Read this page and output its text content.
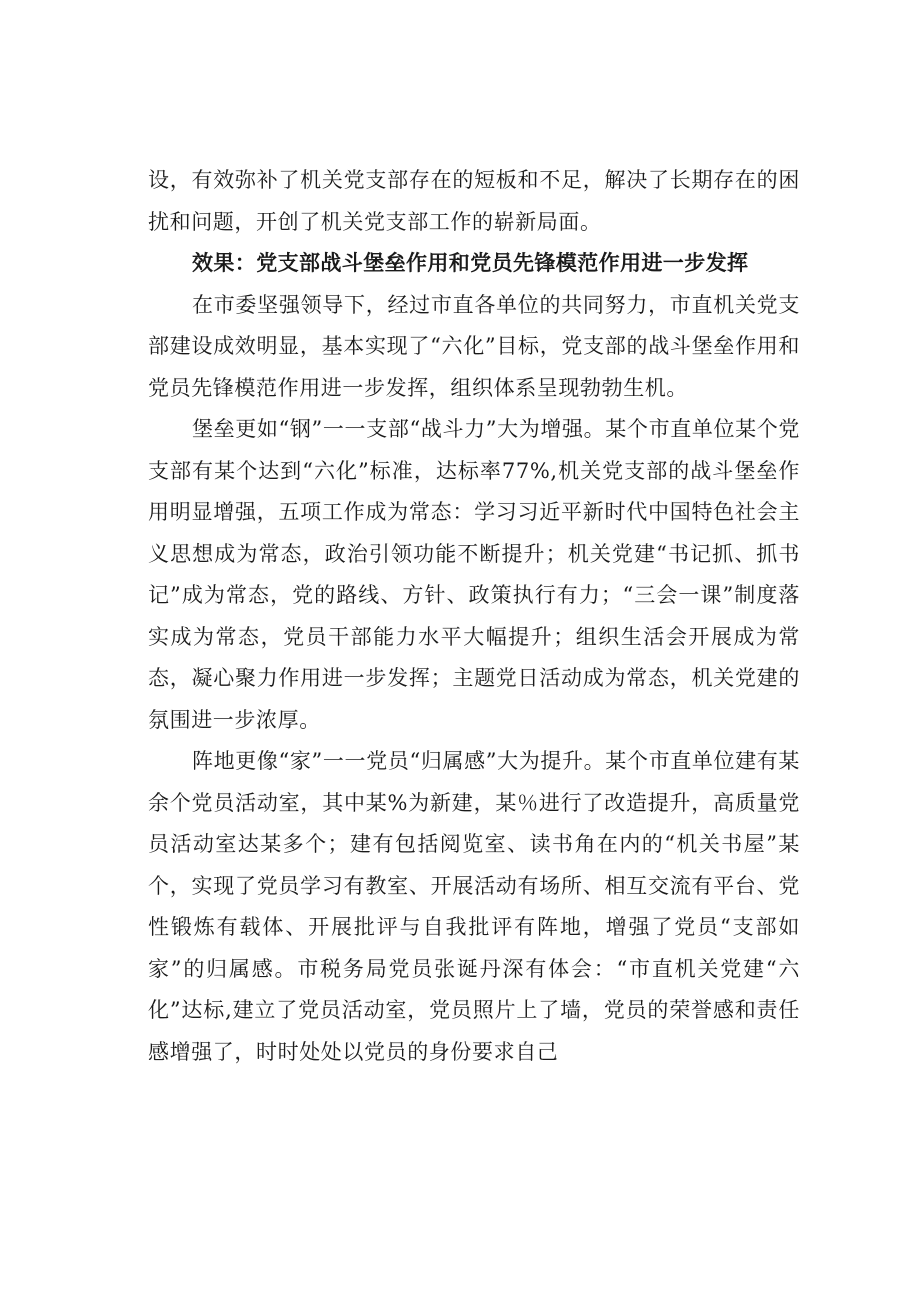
设，有效弥补了机关党支部存在的短板和不足，解决了长期存在的困扰和问题，开创了机关党支部工作的崭新局面。

效果：党支部战斗堡垒作用和党员先锋模范作用进一步发挥

在市委坚强领导下，经过市直各单位的共同努力，市直机关党支部建设成效明显，基本实现了“六化”目标，党支部的战斗堡垒作用和党员先锋模范作用进一步发挥，组织体系呈现勃勃生机。

堡垒更如“钢”一一支部“战斗力”大为增强。某个市直单位某个党支部有某个达到“六化”标准，达标率77%,机关党支部的战斗堡垒作用明显增强，五项工作成为常态：学习习近平新时代中国特色社会主义思想成为常态，政治引领功能不断提升；机关党建“书记抓、抓书记”成为常态，党的路线、方针、政策执行有力；“三会一课”制度落实成为常态，党员干部能力水平大幅提升；组织生活会开展成为常态，凝心聚力作用进一步发挥；主题党日活动成为常态，机关党建的氛围进一步浓厚。

阵地更像“家”一一党员“归属感”大为提升。某个市直单位建有某余个党员活动室，其中某%为新建，某％进行了改造提升，高质量党员活动室达某多个；建有包括阅览室、读书角在内的“机关书屋”某个，实现了党员学习有教室、开展活动有场所、相互交流有平台、党性锻炼有载体、开展批评与自我批评有阵地，增强了党员“支部如家”的归属感。市税务局党员张诞丹深有体会：“市直机关党建“六化”达标,建立了党员活动室，党员照片上了墙，党员的荣誉感和责任感增强了，时时处处以党员的身份要求自己
